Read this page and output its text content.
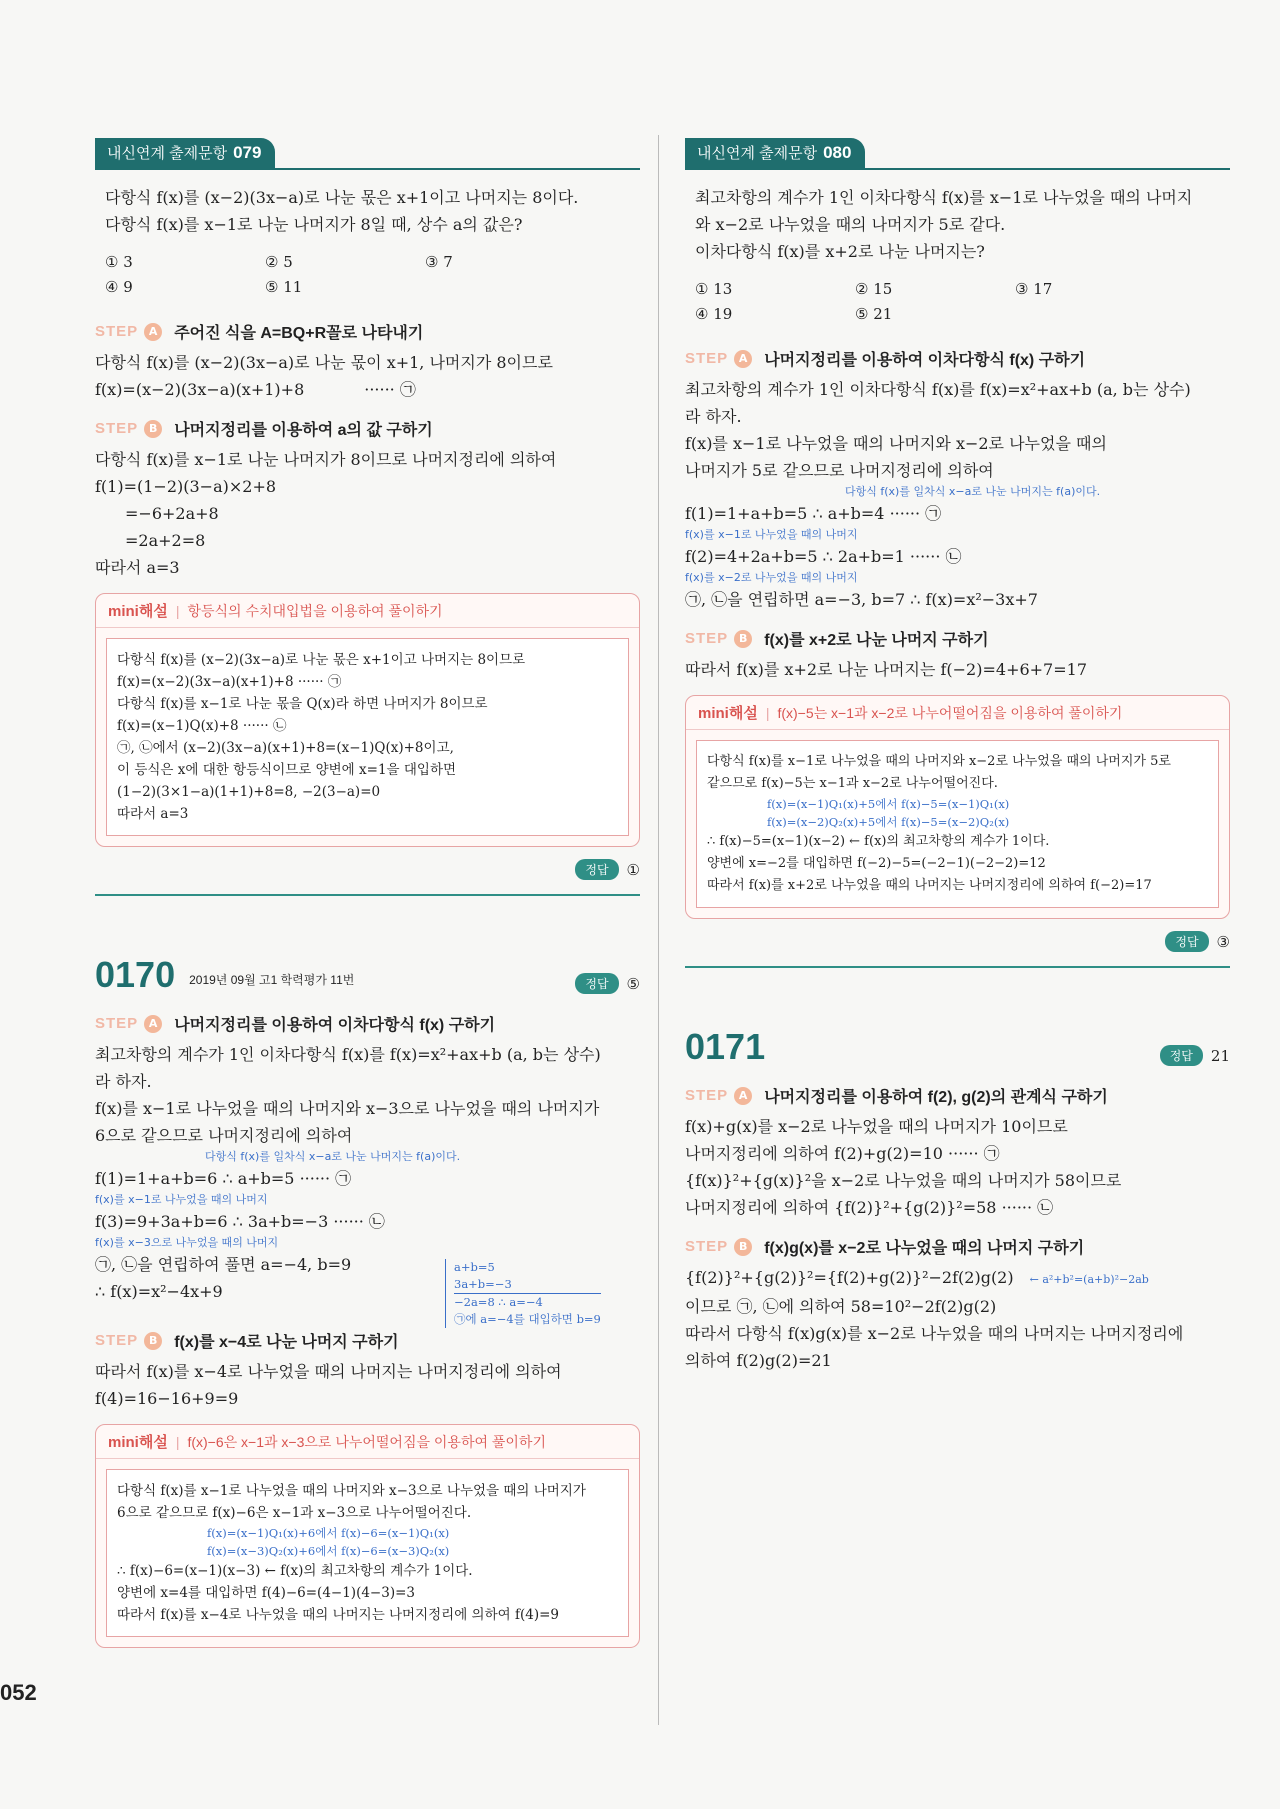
내신연계 출제문항 079
다항식 f(x)를 (x−2)(3x−a)로 나눈 몫은 x+1이고 나머지는 8이다.
다항식 f(x)를 x−1로 나눈 나머지가 8일 때, 상수 a의 값은?
① 3	② 5	③ 7
④ 9	⑤ 11
STEP A 주어진 식을 A=BQ+R꼴로 나타내기
다항식 f(x)를 (x−2)(3x−a)로 나눈 몫이 x+1, 나머지가 8이므로
f(x)=(x−2)(3x−a)(x+1)+8	······ ㉠
STEP B	나머지정리를 이용하여 a의 값 구하기
다항식 f(x)를 x−1로 나눈 나머지가 8이므로 나머지정리에 의하여
f(1)=(1−2)(3−a)×2+8
=−6+2a+8
=2a+2=8
따라서 a=3
mini해설 | 항등식의 수치대입법을 이용하여 풀이하기
다항식 f(x)를 (x−2)(3x−a)로 나눈 몫은 x+1이고 나머지는 8이므로
f(x)=(x−2)(3x−a)(x+1)+8 ······ ㉠
다항식 f(x)를 x−1로 나눈 몫을 Q(x)라 하면 나머지가 8이므로
f(x)=(x−1)Q(x)+8 ······ ㉡
㉠, ㉡에서 (x−2)(3x−a)(x+1)+8=(x−1)Q(x)+8이고,
이 등식은 x에 대한 항등식이므로 양변에 x=1을 대입하면
(1−2)(3×1−a)(1+1)+8=8, −2(3−a)=0
따라서 a=3
정답	①
0170 2019년 09월 고1 학력평가 11번	정답	⑤
STEP A 나머지정리를 이용하여 이차다항식 f(x) 구하기
최고차항의 계수가 1인 이차다항식 f(x)를 f(x)=x²+ax+b (a, b는 상수)
라 하자.
f(x)를 x−1로 나누었을 때의 나머지와 x−3으로 나누었을 때의 나머지가
6으로 같으므로 나머지정리에 의하여
다항식 f(x)를 일차식 x−a로 나눈 나머지는 f(a)이다.
f(1)=1+a+b=6 ∴ a+b=5 ······ ㉠
f(x)를 x−1로 나누었을 때의 나머지
f(3)=9+3a+b=6 ∴ 3a+b=−3 ······ ㉡
f(x)를 x−3으로 나누었을 때의 나머지
㉠, ㉡을 연립하여 풀면 a=−4, b=9
∴ f(x)=x²−4x+9
a+b=5
3a+b=−3
−2a=8 ∴ a=−4
㉠에 a=−4를 대입하면 b=9
STEP B	f(x)를 x−4로 나눈 나머지 구하기
따라서 f(x)를 x−4로 나누었을 때의 나머지는 나머지정리에 의하여
f(4)=16−16+9=9
mini해설 | f(x)−6은 x−1과 x−3으로 나누어떨어짐을 이용하여 풀이하기
다항식 f(x)를 x−1로 나누었을 때의 나머지와 x−3으로 나누었을 때의 나머지가
6으로 같으므로 f(x)−6은 x−1과 x−3으로 나누어떨어진다.
f(x)=(x−1)Q₁(x)+6에서 f(x)−6=(x−1)Q₁(x)
f(x)=(x−3)Q₂(x)+6에서 f(x)−6=(x−3)Q₂(x)
∴ f(x)−6=(x−1)(x−3) ← f(x)의 최고차항의 계수가 1이다.
양변에 x=4를 대입하면 f(4)−6=(4−1)(4−3)=3
따라서 f(x)를 x−4로 나누었을 때의 나머지는 나머지정리에 의하여 f(4)=9
내신연계 출제문항 080
최고차항의 계수가 1인 이차다항식 f(x)를 x−1로 나누었을 때의 나머지
와 x−2로 나누었을 때의 나머지가 5로 같다.
이차다항식 f(x)를 x+2로 나눈 나머지는?
① 13	② 15	③ 17
④ 19	⑤ 21
STEP A 나머지정리를 이용하여 이차다항식 f(x) 구하기
최고차항의 계수가 1인 이차다항식 f(x)를 f(x)=x²+ax+b (a, b는 상수)
라 하자.
f(x)를 x−1로 나누었을 때의 나머지와 x−2로 나누었을 때의
나머지가 5로 같으므로 나머지정리에 의하여
다항식 f(x)를 일차식 x−a로 나눈 나머지는 f(a)이다.
f(1)=1+a+b=5 ∴ a+b=4 ······ ㉠
f(x)를 x−1로 나누었을 때의 나머지
f(2)=4+2a+b=5 ∴ 2a+b=1 ······ ㉡
f(x)를 x−2로 나누었을 때의 나머지
㉠, ㉡을 연립하면 a=−3, b=7 ∴ f(x)=x²−3x+7
STEP B	f(x)를 x+2로 나눈 나머지 구하기
따라서 f(x)를 x+2로 나눈 나머지는 f(−2)=4+6+7=17
mini해설 | f(x)−5는 x−1과 x−2로 나누어떨어짐을 이용하여 풀이하기
다항식 f(x)를 x−1로 나누었을 때의 나머지와 x−2로 나누었을 때의 나머지가 5로
같으므로 f(x)−5는 x−1과 x−2로 나누어떨어진다.
f(x)=(x−1)Q₁(x)+5에서 f(x)−5=(x−1)Q₁(x)
f(x)=(x−2)Q₂(x)+5에서 f(x)−5=(x−2)Q₂(x)
∴ f(x)−5=(x−1)(x−2) ← f(x)의 최고차항의 계수가 1이다.
양변에 x=−2를 대입하면 f(−2)−5=(−2−1)(−2−2)=12
따라서 f(x)를 x+2로 나누었을 때의 나머지는 나머지정리에 의하여 f(−2)=17
정답	③
0171	정답	21
STEP A 나머지정리를 이용하여 f(2), g(2)의 관계식 구하기
f(x)+g(x)를 x−2로 나누었을 때의 나머지가 10이므로
나머지정리에 의하여 f(2)+g(2)=10 ······ ㉠
{f(x)}²+{g(x)}²을 x−2로 나누었을 때의 나머지가 58이므로
나머지정리에 의하여 {f(2)}²+{g(2)}²=58 ······ ㉡
STEP B	f(x)g(x)를 x−2로 나누었을 때의 나머지 구하기
{f(2)}²+{g(2)}²={f(2)+g(2)}²−2f(2)g(2) ← a²+b²=(a+b)²−2ab
이므로 ㉠, ㉡에 의하여 58=10²−2f(2)g(2)
따라서 다항식 f(x)g(x)를 x−2로 나누었을 때의 나머지는 나머지정리에
의하여 f(2)g(2)=21
052
